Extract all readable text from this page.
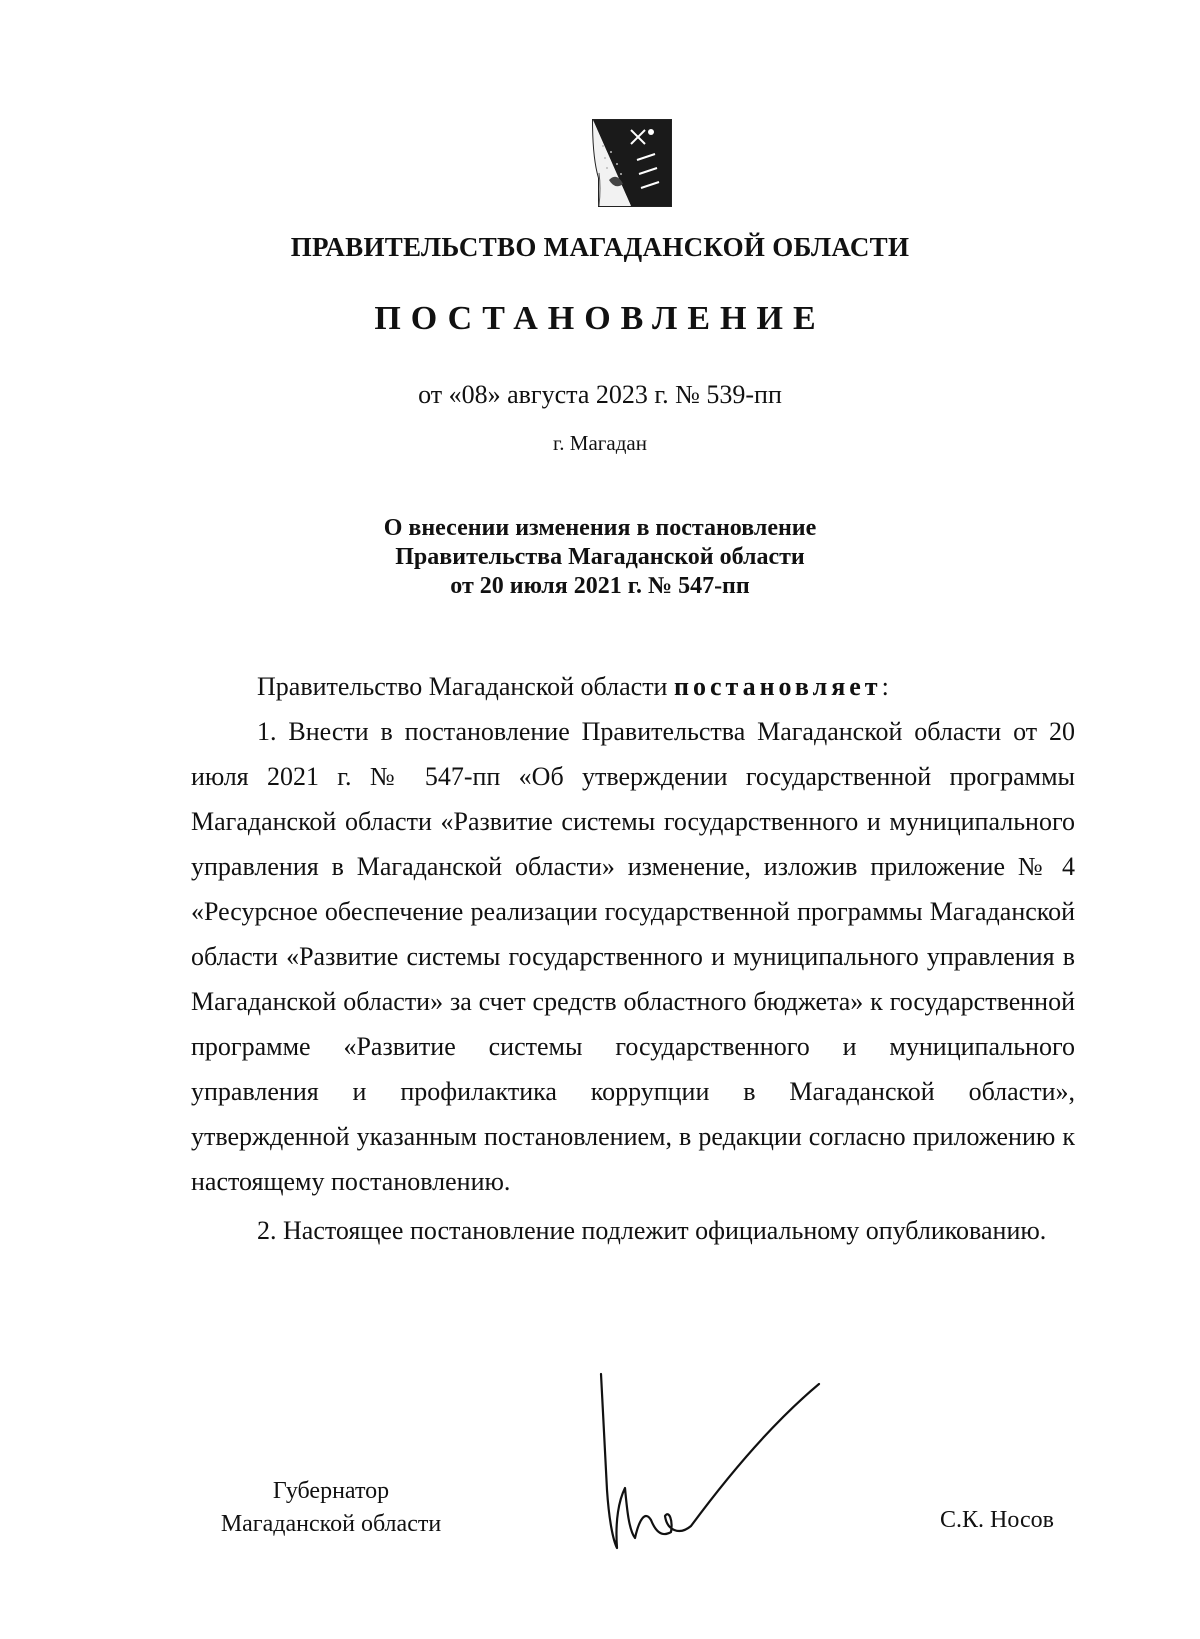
ПРАВИТЕЛЬСТВО МАГАДАНСКОЙ ОБЛАСТИ
ПОСТАНОВЛЕНИЕ
от «08» августа 2023 г. № 539-пп
г. Магадан
О внесении изменения в постановление
Правительства Магаданской области
от 20 июля 2021 г. № 547-пп

Правительство Магаданской области постановляет:

1. Внести в постановление Правительства Магаданской области от 20 июля 2021 г. № 547-пп «Об утверждении государственной программы Магаданской области «Развитие системы государственного и муниципального управления в Магаданской области» изменение, изложив приложение № 4 «Ресурсное обеспечение реализации государственной программы Магаданской области «Развитие системы государственного и муниципального управления в Магаданской области» за счет средств областного бюджета» к государственной программе «Развитие системы государственного и муниципального управления и профилактика коррупции в Магаданской области», утвержденной указанным постановлением, в редакции согласно приложению к настоящему постановлению.

2. Настоящее постановление подлежит официальному опубликованию.

Губернатор
Магаданской области	С.К. Носов
